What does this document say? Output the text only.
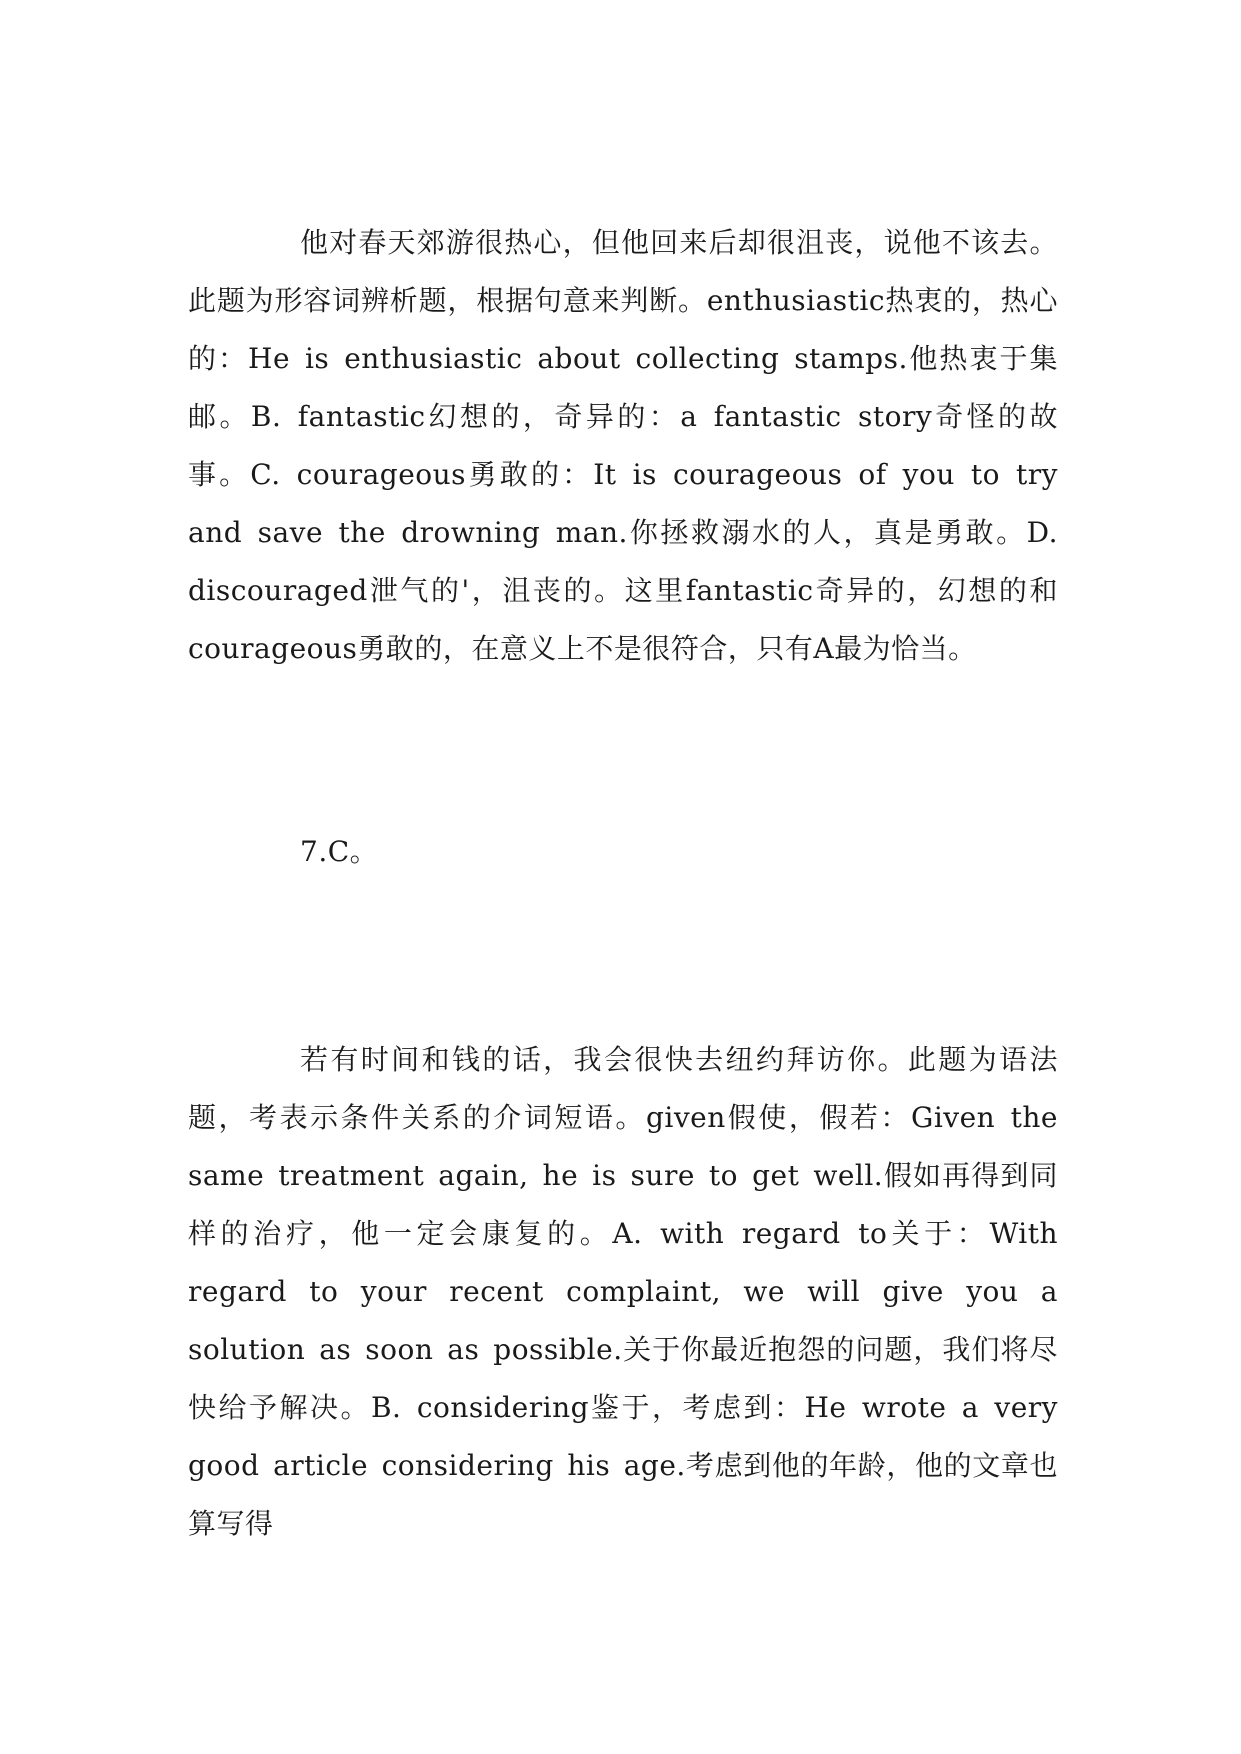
他对春天郊游很热心，但他回来后却很沮丧，说他不该去。此题为形容词辨析题，根据句意来判断。enthusiastic热衷的，热心的：He is enthusiastic about collecting stamps.他热衷于集邮。B. fantastic幻想的，奇异的：a fantastic story奇怪的故事。C. courageous勇敢的：It is courageous of you to try and save the drowning man.你拯救溺水的人，真是勇敢。D. discouraged泄气的'，沮丧的。这里fantastic奇异的，幻想的和courageous勇敢的，在意义上不是很符合，只有A最为恰当。

7.C。

若有时间和钱的话，我会很快去纽约拜访你。此题为语法题，考表示条件关系的介词短语。given假使，假若：Given the same treatment again, he is sure to get well.假如再得到同样的治疗，他一定会康复的。A. with regard to关于：With regard to your recent complaint, we will give you a solution as soon as possible.关于你最近抱怨的问题，我们将尽快给予解决。B. considering鉴于，考虑到：He wrote a very good article considering his age.考虑到他的年龄，他的文章也算写得
